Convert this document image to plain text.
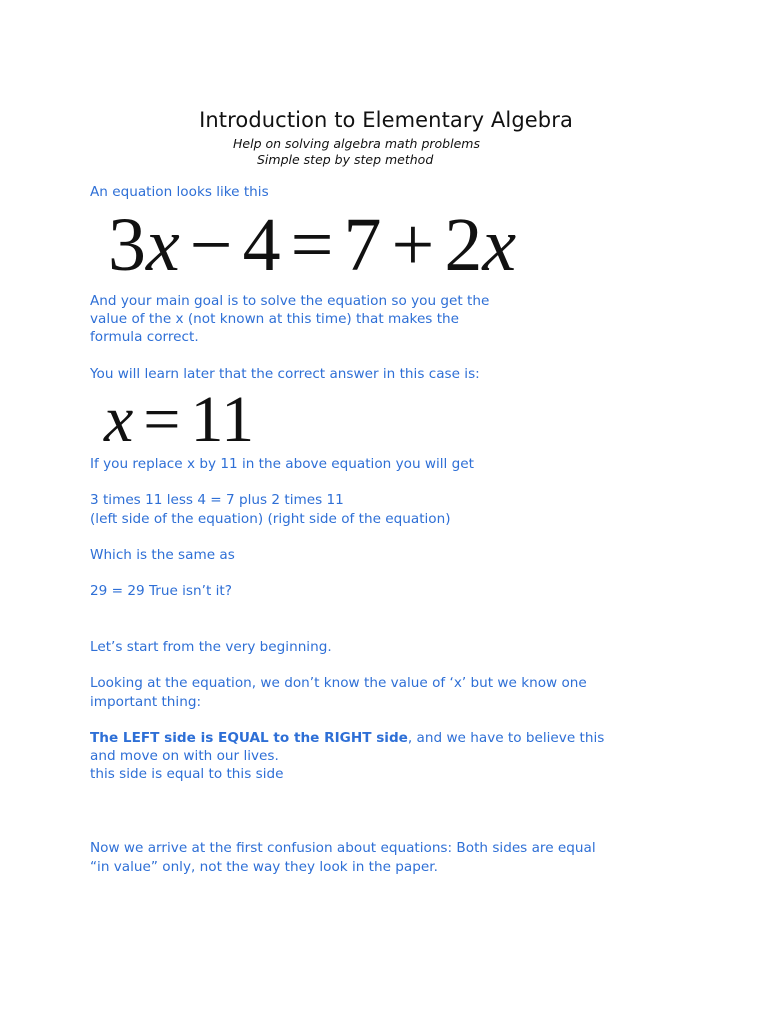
Introduction to Elementary Algebra
Help on solving algebra math problems
Simple step by step method
An equation looks like this
3x − 4 = 7 + 2x
And your main goal is to solve the equation so you get the
value of the x (not known at this time) that makes the
formula correct.
You will learn later that the correct answer in this case is:
x = 11
If you replace x by 11 in the above equation you will get
3 times 11 less 4 = 7 plus 2 times 11
(left side of the equation) (right side of the equation)
Which is the same as
29 = 29 True isn’t it?
Let’s start from the very beginning.
Looking at the equation, we don’t know the value of ‘x’ but we know one
important thing:
The LEFT side is EQUAL to the RIGHT side, and we have to believe this
and move on with our lives.
this side is equal to this side
Now we arrive at the first confusion about equations: Both sides are equal
“in value” only, not the way they look in the paper.
